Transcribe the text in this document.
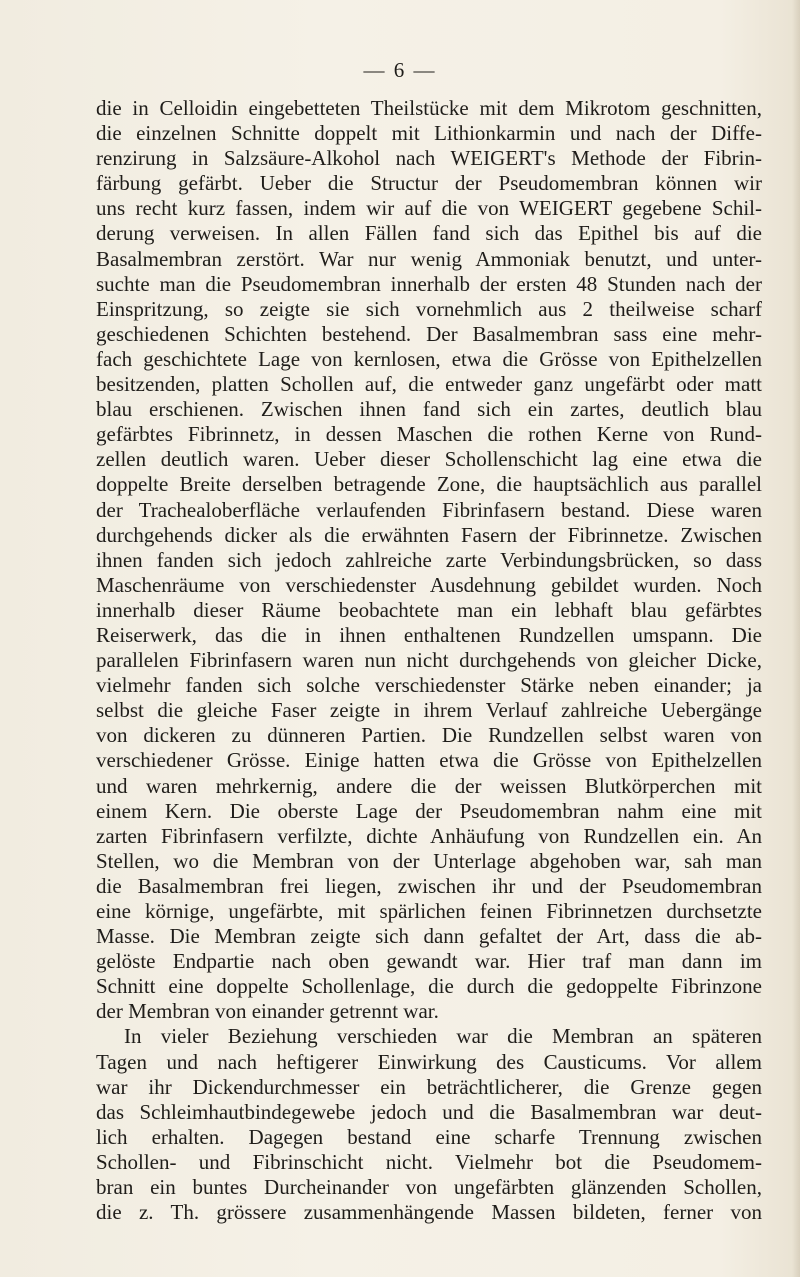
— 6 —
die in Celloidin eingebetteten Theilstücke mit dem Mikrotom geschnitten,
die einzelnen Schnitte doppelt mit Lithionkarmin und nach der Diffe-
renzirung in Salzsäure-Alkohol nach WEIGERT's Methode der Fibrin-
färbung gefärbt. Ueber die Structur der Pseudomembran können wir
uns recht kurz fassen, indem wir auf die von WEIGERT gegebene Schil-
derung verweisen. In allen Fällen fand sich das Epithel bis auf die
Basalmembran zerstört. War nur wenig Ammoniak benutzt, und unter-
suchte man die Pseudomembran innerhalb der ersten 48 Stunden nach der
Einspritzung, so zeigte sie sich vornehmlich aus 2 theilweise scharf
geschiedenen Schichten bestehend. Der Basalmembran sass eine mehr-
fach geschichtete Lage von kernlosen, etwa die Grösse von Epithelzellen
besitzenden, platten Schollen auf, die entweder ganz ungefärbt oder matt
blau erschienen. Zwischen ihnen fand sich ein zartes, deutlich blau
gefärbtes Fibrinnetz, in dessen Maschen die rothen Kerne von Rund-
zellen deutlich waren. Ueber dieser Schollenschicht lag eine etwa die
doppelte Breite derselben betragende Zone, die hauptsächlich aus parallel
der Trachealoberfläche verlaufenden Fibrinfasern bestand. Diese waren
durchgehends dicker als die erwähnten Fasern der Fibrinnetze. Zwischen
ihnen fanden sich jedoch zahlreiche zarte Verbindungsbrücken, so dass
Maschenräume von verschiedenster Ausdehnung gebildet wurden. Noch
innerhalb dieser Räume beobachtete man ein lebhaft blau gefärbtes
Reiserwerk, das die in ihnen enthaltenen Rundzellen umspann. Die
parallelen Fibrinfasern waren nun nicht durchgehends von gleicher Dicke,
vielmehr fanden sich solche verschiedenster Stärke neben einander; ja
selbst die gleiche Faser zeigte in ihrem Verlauf zahlreiche Uebergänge
von dickeren zu dünneren Partien. Die Rundzellen selbst waren von
verschiedener Grösse. Einige hatten etwa die Grösse von Epithelzellen
und waren mehrkernig, andere die der weissen Blutkörperchen mit
einem Kern. Die oberste Lage der Pseudomembran nahm eine mit
zarten Fibrinfasern verfilzte, dichte Anhäufung von Rundzellen ein. An
Stellen, wo die Membran von der Unterlage abgehoben war, sah man
die Basalmembran frei liegen, zwischen ihr und der Pseudomembran
eine körnige, ungefärbte, mit spärlichen feinen Fibrinnetzen durchsetzte
Masse. Die Membran zeigte sich dann gefaltet der Art, dass die ab-
gelöste Endpartie nach oben gewandt war. Hier traf man dann im
Schnitt eine doppelte Schollenlage, die durch die gedoppelte Fibrinzone
der Membran von einander getrennt war.
In vieler Beziehung verschieden war die Membran an späteren
Tagen und nach heftigerer Einwirkung des Causticums. Vor allem
war ihr Dickendurchmesser ein beträchtlicherer, die Grenze gegen
das Schleimhautbindegewebe jedoch und die Basalmembran war deut-
lich erhalten. Dagegen bestand eine scharfe Trennung zwischen
Schollen- und Fibrinschicht nicht. Vielmehr bot die Pseudomem-
bran ein buntes Durcheinander von ungefärbten glänzenden Schollen,
die z. Th. grössere zusammenhängende Massen bildeten, ferner von
